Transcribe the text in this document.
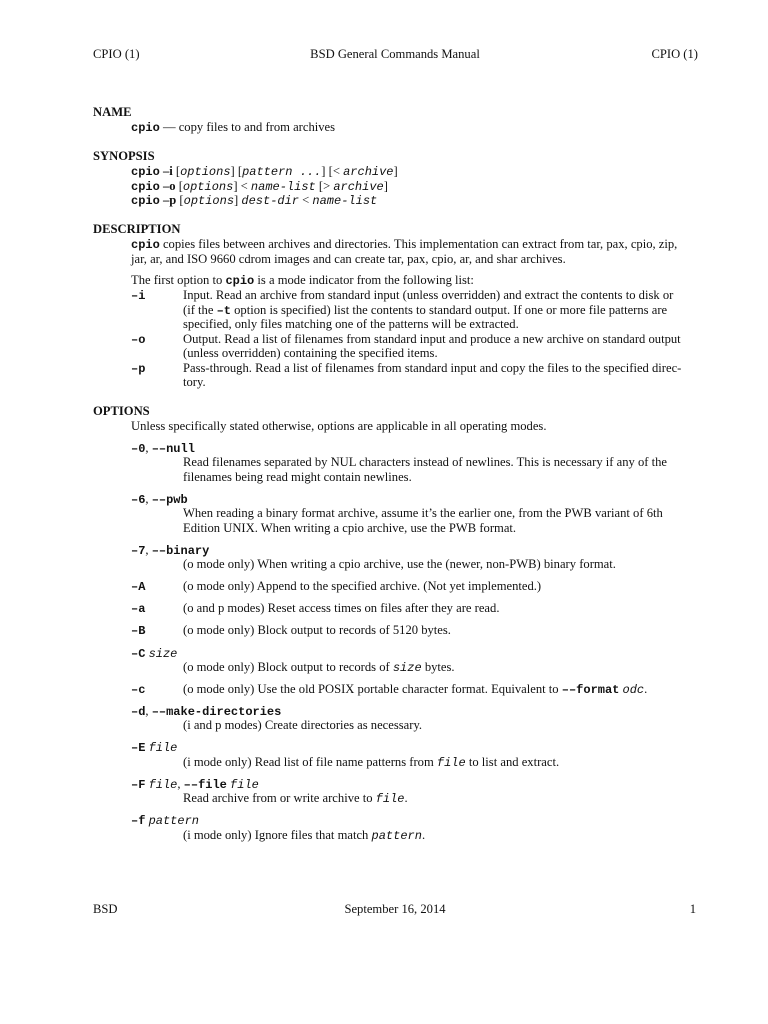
CPIO (1)	BSD General Commands Manual	CPIO (1)
NAME
cpio — copy files to and from archives
SYNOPSIS
cpio –i [options] [pattern ...] [< archive]
cpio –o [options] < name-list [> archive]
cpio –p [options] dest-dir < name-list
DESCRIPTION
cpio copies files between archives and directories. This implementation can extract from tar, pax, cpio, zip,
jar, ar, and ISO 9660 cdrom images and can create tar, pax, cpio, ar, and shar archives.
The first option to cpio is a mode indicator from the following list:
–i	Input. Read an archive from standard input (unless overridden) and extract the contents to disk or
(if the –t option is specified) list the contents to standard output. If one or more file patterns are
specified, only files matching one of the patterns will be extracted.
–o	Output. Read a list of filenames from standard input and produce a new archive on standard output
(unless overridden) containing the specified items.
–p	Pass-through. Read a list of filenames from standard input and copy the files to the specified direc-
tory.
OPTIONS
Unless specifically stated otherwise, options are applicable in all operating modes.
–0, ––null
Read filenames separated by NUL characters instead of newlines. This is necessary if any of the
filenames being read might contain newlines.
–6, ––pwb
When reading a binary format archive, assume it’s the earlier one, from the PWB variant of 6th
Edition UNIX. When writing a cpio archive, use the PWB format.
–7, ––binary
(o mode only) When writing a cpio archive, use the (newer, non-PWB) binary format.
–A	(o mode only) Append to the specified archive. (Not yet implemented.)
–a	(o and p modes) Reset access times on files after they are read.
–B	(o mode only) Block output to records of 5120 bytes.
–C size
(o mode only) Block output to records of size bytes.
–c	(o mode only) Use the old POSIX portable character format. Equivalent to ––format odc.
–d, ––make-directories
(i and p modes) Create directories as necessary.
–E file
(i mode only) Read list of file name patterns from file to list and extract.
–F file, ––file file
Read archive from or write archive to file.
–f pattern
(i mode only) Ignore files that match pattern.
BSD	September 16, 2014	1
